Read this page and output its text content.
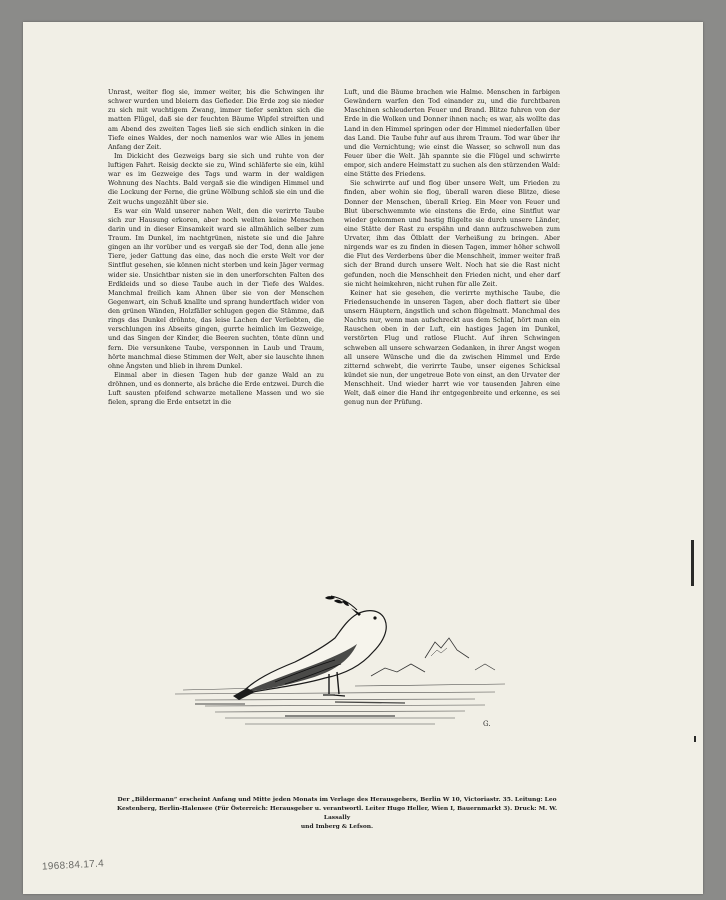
Unrast, weiter flog sie, immer weiter, bis die Schwingen ihr schwer wurden und bleiern das Gefieder. Die Erde zog sie nieder zu sich mit wuchtigem Zwang, immer tiefer senkten sich die matten Flügel, daß sie der feuchten Bäume Wipfel streiften und am Abend des zweiten Tages ließ sie sich endlich sinken in die Tiefe eines Waldes, der noch namenlos war wie Alles in jenem Anfang der Zeit.

Im Dickicht des Gezweigs barg sie sich und ruhte von der luftigen Fahrt. Reisig deckte sie zu, Wind schläferte sie ein, kühl war es im Gezweige des Tags und warm in der waldigen Wohnung des Nachts. Bald vergaß sie die windigen Himmel und die Lockung der Ferne, die grüne Wölbung schloß sie ein und die Zeit wuchs ungezählt über sie.

Es war ein Wald unserer nahen Welt, den die verirrte Taube sich zur Hausung erkoren, aber noch weilten keine Menschen darin und in dieser Einsamkeit ward sie allmählich selber zum Traum. Im Dunkel, im nachtgrünen, nistete sie und die Jahre gingen an ihr vorüber und es vergaß sie der Tod, denn alle jene Tiere, jeder Gattung das eine, das noch die erste Welt vor der Sintflut gesehen, sie können nicht sterben und kein Jäger vermag wider sie. Unsichtbar nisten sie in den unerforschten Falten des Erdkleids und so diese Taube auch in der Tiefe des Waldes. Manchmal freilich kam Ahnen über sie von der Menschen Gegenwart, ein Schuß knallte und sprang hundertfach wider von den grünen Wänden, Holzfäller schlugen gegen die Stämme, daß rings das Dunkel dröhnte, das leise Lachen der Verliebten, die verschlungen ins Abseits gingen, gurrte heimlich im Gezweige, und das Singen der Kinder, die Beeren suchten, tönte dünn und fern. Die versunkene Taube, versponnen in Laub und Traum, hörte manchmal diese Stimmen der Welt, aber sie lauschte ihnen ohne Ängsten und blieb in ihrem Dunkel.

Einmal aber in diesen Tagen hub der ganze Wald an zu dröhnen, und es donnerte, als bräche die Erde entzwei. Durch die Luft sausten pfeifend schwarze metallene Massen und wo sie fielen, sprang die Erde entsetzt in die

Luft, und die Bäume brachen wie Halme. Menschen in farbigen Gewändern warfen den Tod einander zu, und die furchtbaren Maschinen schleuderten Feuer und Brand. Blitze fuhren von der Erde in die Wolken und Donner ihnen nach; es war, als wollte das Land in den Himmel springen oder der Himmel niederfallen über das Land. Die Taube fuhr auf aus ihrem Traum. Tod war über ihr und die Vernichtung; wie einst die Wasser, so schwoll nun das Feuer über die Welt. Jäh spannte sie die Flügel und schwirrte empor, sich andere Heimstatt zu suchen als den stürzenden Wald: eine Stätte des Friedens.

Sie schwirrte auf und flog über unsere Welt, um Frieden zu finden, aber wohin sie flog, überall waren diese Blitze, diese Donner der Menschen, überall Krieg. Ein Meer von Feuer und Blut überschwemmte wie einstens die Erde, eine Sintflut war wieder gekommen und hastig flügelte sie durch unsere Länder, eine Stätte der Rast zu erspähn und dann aufzuschweben zum Urvater, ihm das Ölblatt der Verheißung zu bringen. Aber nirgends war es zu finden in diesen Tagen, immer höher schwoll die Flut des Verderbens über die Menschheit, immer weiter fraß sich der Brand durch unsere Welt. Noch hat sie die Rast nicht gefunden, noch die Menschheit den Frieden nicht, und eher darf sie nicht heimkehren, nicht ruhen für alle Zeit.

Keiner hat sie gesehen, die verirrte mythische Taube, die Friedensuchende in unseren Tagen, aber doch flattert sie über unsern Häuptern, ängstlich und schon flügelmatt. Manchmal des Nachts nur, wenn man aufschreckt aus dem Schlaf, hört man ein Rauschen oben in der Luft, ein hastiges Jagen im Dunkel, verstörten Flug und ratlose Flucht. Auf ihren Schwingen schweben all unsere schwarzen Gedanken, in ihrer Angst wogen all unsere Wünsche und die da zwischen Himmel und Erde zitternd schwebt, die verirrte Taube, unser eigenes Schicksal kündet sie nun, der ungetreue Bote von einst, an den Urvater der Menschheit. Und wieder harrt wie vor tausenden Jahren eine Welt, daß einer die Hand ihr entgegenbreite und erkenne, es sei genug nun der Prüfung.

G.
Der „Bildermann“ erscheint Anfang und Mitte jeden Monats im Verlage des Herausgebers, Berlin W 10, Victoriastr. 35. Leitung: Leo Kestenberg, Berlin-Halensee (Für Österreich: Herausgeber u. verantwortl. Leiter Hugo Heller, Wien I, Bauernmarkt 3). Druck: M. W. Lassally
und Imberg & Lefson.
1968:84.17.4
